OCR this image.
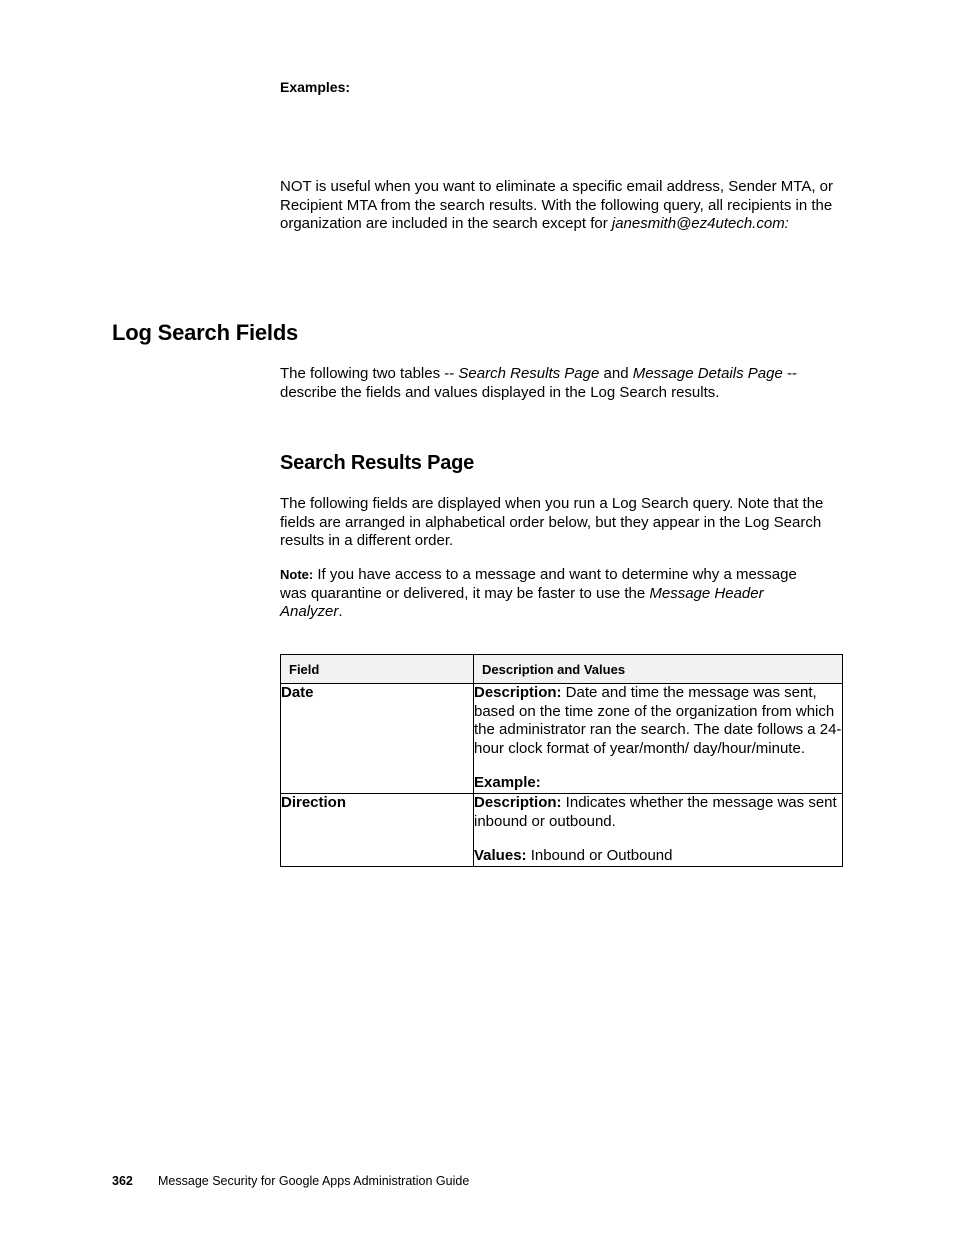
Examples:
NOT is useful when you want to eliminate a specific email address, Sender MTA, or Recipient MTA from the search results. With the following query, all recipients in the organization are included in the search except for janesmith@ez4utech.com:
Log Search Fields
The following two tables -- Search Results Page and Message Details Page -- describe the fields and values displayed in the Log Search results.
Search Results Page
The following fields are displayed when you run a Log Search query. Note that the fields are arranged in alphabetical order below, but they appear in the Log Search results in a different order.
Note: If you have access to a message and want to determine why a message was quarantine or delivered, it may be faster to use the Message Header Analyzer.
Field	Description and Values
Date	Description: Date and time the message was sent, based on the time zone of the organization from which the administrator ran the search. The date follows a 24-hour clock format of year/month/ day/hour/minute.

Example:

Direction	Description: Indicates whether the message was sent inbound or outbound.

Values: Inbound or Outbound

362 Message Security for Google Apps Administration Guide
